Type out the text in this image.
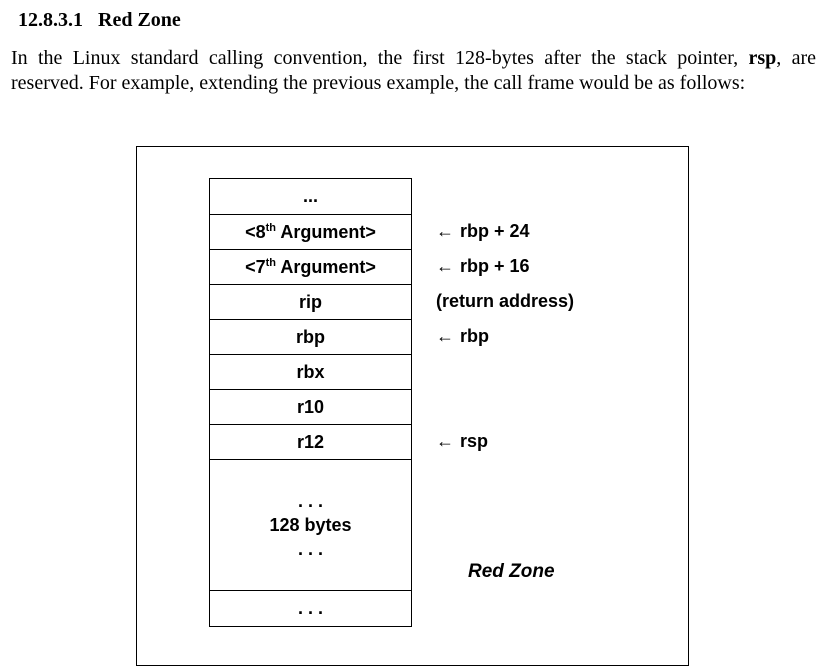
12.8.3.1 Red Zone
In the Linux standard calling convention, the first 128-bytes after the stack pointer, rsp, are reserved. For example, extending the previous example, the call frame would be as follows:
...
<8th Argument>
<7th Argument>
rip
rbp
rbx
r10
r12
. . .
128 bytes
. . .
. . .
← rbp + 24
← rbp + 16
(return address)
← rbp
← rsp
Red Zone
